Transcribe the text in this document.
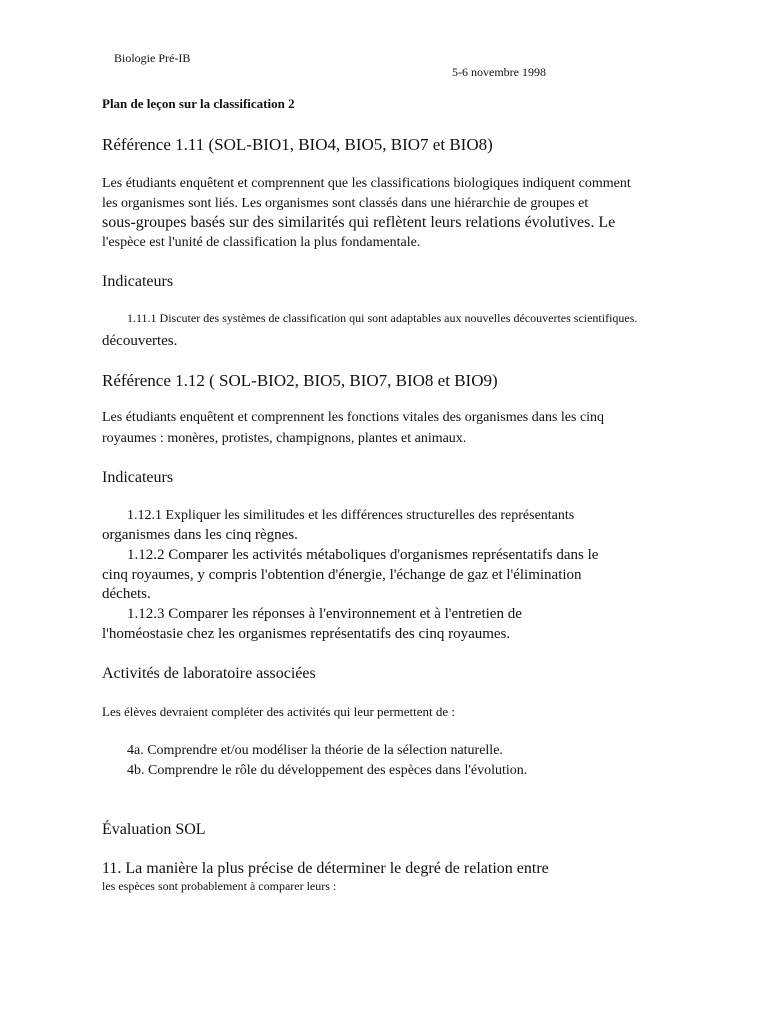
Biologie Pré-IB

5-6 novembre 1998

Plan de leçon sur la classification 2

Référence 1.11 (SOL-BIO1, BIO4, BIO5, BIO7 et BIO8)

Les étudiants enquêtent et comprennent que les classifications biologiques indiquent comment

les organismes sont liés. Les organismes sont classés dans une hiérarchie de groupes et

sous-groupes basés sur des similarités qui reflètent leurs relations évolutives. Le

l'espèce est l'unité de classification la plus fondamentale.

Indicateurs

1.11.1 Discuter des systèmes de classification qui sont adaptables aux nouvelles découvertes scientifiques.

découvertes.

Référence 1.12 ( SOL-BIO2, BIO5, BIO7, BIO8 et BIO9)

Les étudiants enquêtent et comprennent les fonctions vitales des organismes dans les cinq

royaumes : monères, protistes, champignons, plantes et animaux.

Indicateurs

1.12.1 Expliquer les similitudes et les différences structurelles des représentants

organismes dans les cinq règnes.

1.12.2 Comparer les activités métaboliques d'organismes représentatifs dans le

cinq royaumes, y compris l'obtention d'énergie, l'échange de gaz et l'élimination

déchets.

1.12.3 Comparer les réponses à l'environnement et à l'entretien de

l'homéostasie chez les organismes représentatifs des cinq royaumes.

Activités de laboratoire associées

Les élèves devraient compléter des activités qui leur permettent de :

4a. Comprendre et/ou modéliser la théorie de la sélection naturelle.

4b. Comprendre le rôle du développement des espèces dans l'évolution.

Évaluation SOL

11. La manière la plus précise de déterminer le degré de relation entre

les espèces sont probablement à comparer leurs :
